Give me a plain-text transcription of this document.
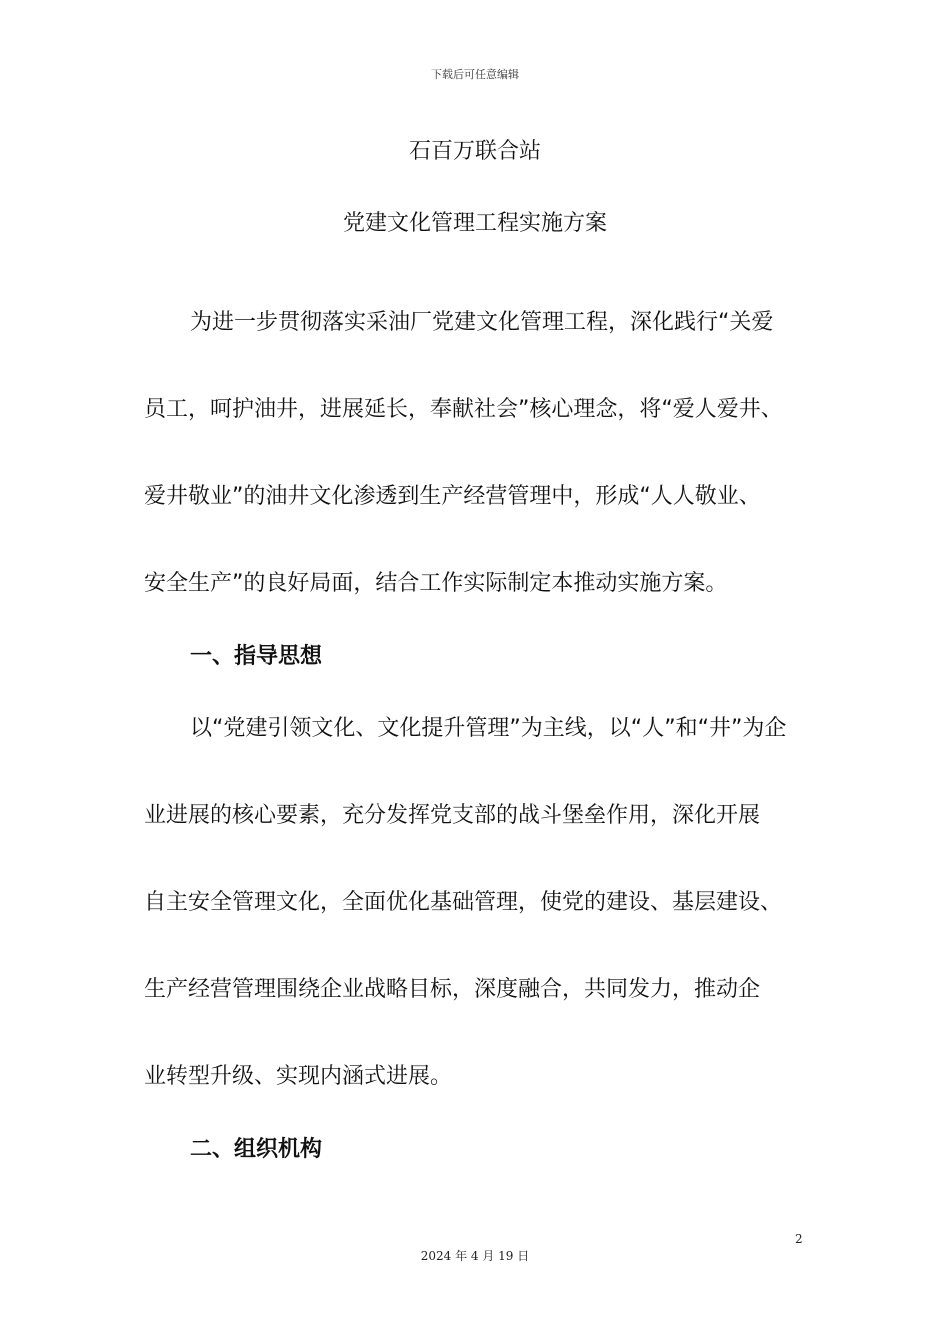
下载后可任意编辑
石百万联合站
党建文化管理工程实施方案
为进一步贯彻落实采油厂党建文化管理工程，深化践行“关爱
员工，呵护油井，进展延长，奉献社会”核心理念，将“爱人爱井、
爱井敬业”的油井文化渗透到生产经营管理中，形成“人人敬业、
安全生产”的良好局面，结合工作实际制定本推动实施方案。
一、指导思想
以“党建引领文化、文化提升管理”为主线，以“人”和“井”为企
业进展的核心要素，充分发挥党支部的战斗堡垒作用，深化开展
自主安全管理文化，全面优化基础管理，使党的建设、基层建设、
生产经营管理围绕企业战略目标，深度融合，共同发力，推动企
业转型升级、实现内涵式进展。
二、组织机构
2
2024 年 4 月 19 日
